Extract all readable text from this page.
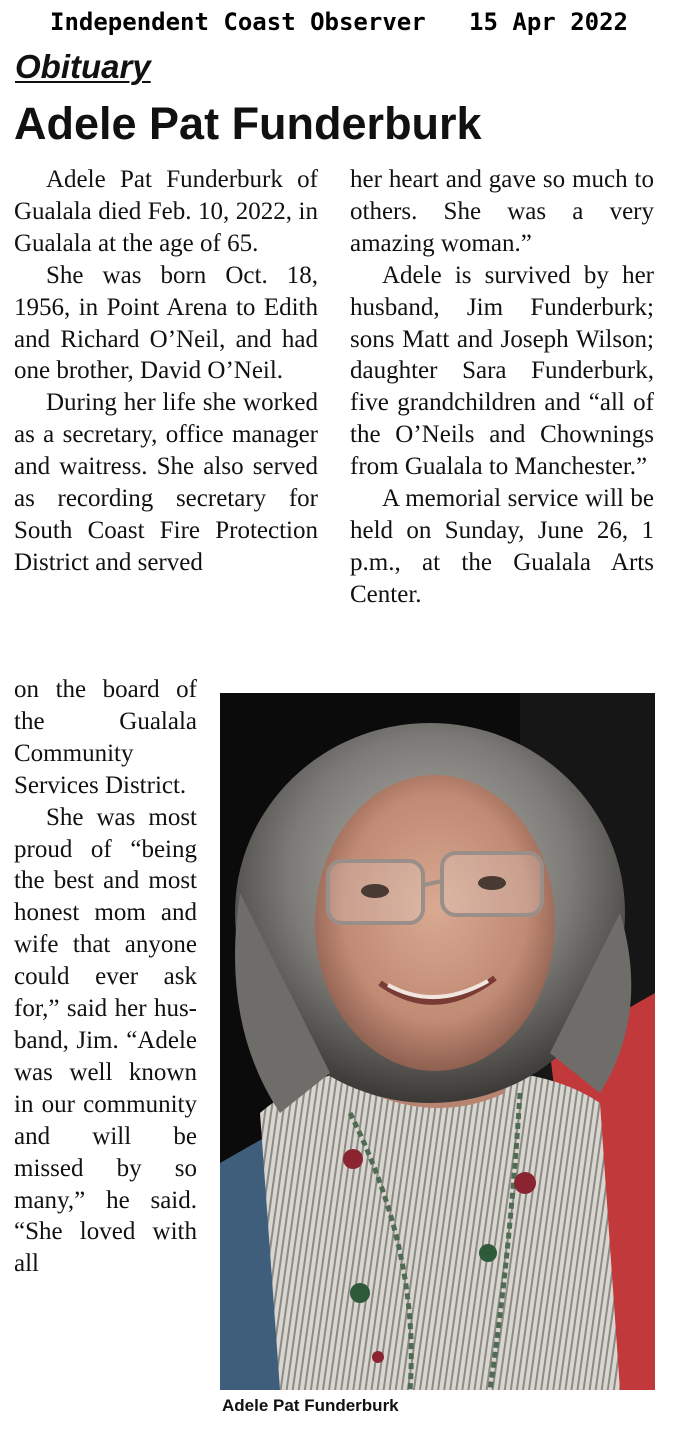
Independent Coast Observer 15 Apr 2022
Obituary
Adele Pat Funderburk

Adele Pat Funderburk of Gualala died Feb. 10, 2022, in Gualala at the age of 65.

She was born Oct. 18, 1956, in Point Arena to Edith and Richard O’Neil, and had one brother, David O’Neil.

During her life she worked as a secretary, office manager and waitress. She also served as recording secretary for South Coast Fire Protection District and served

on the board of the Gualala Community Services District.

She was most proud of “being the best and most honest mom and wife that anyone could ever ask for,” said her husband, Jim. “Adele was well known in our community and will be missed by so many,” he said. “She loved with all

her heart and gave so much to others. She was a very amazing woman.”

Adele is survived by her husband, Jim Funderburk; sons Matt and Joseph Wilson; daughter Sara Funderburk, five grandchildren and “all of the O’Neils and Chownings from Gualala to Manchester.”

A memorial service will be held on Sunday, June 26, 1 p.m., at the Gualala Arts Center.

Adele Pat Funderburk
